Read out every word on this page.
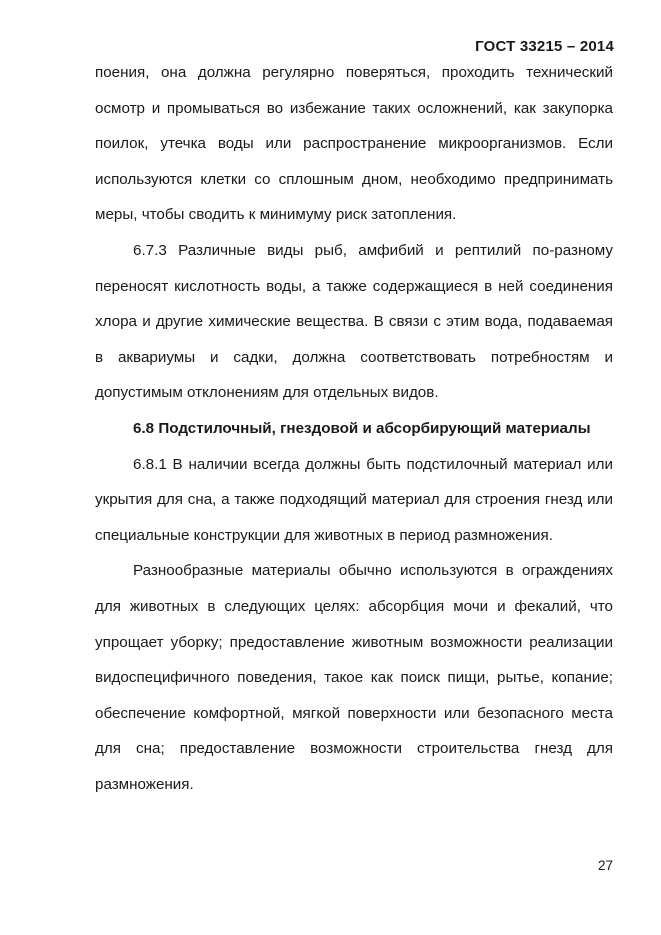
ГОСТ 33215 – 2014

поения, она должна регулярно поверяться, проходить технический осмотр и промываться во избежание таких осложнений, как закупорка поилок, утечка воды или распространение микроорганизмов. Если используются клетки со сплошным дном, необходимо предпринимать меры, чтобы сводить к минимуму риск затопления.

6.7.3 Различные виды рыб, амфибий и рептилий по-разному переносят кислотность воды, а также содержащиеся в ней соединения хлора и другие химические вещества. В связи с этим вода, подаваемая в аквариумы и садки, должна соответствовать потребностям и допустимым отклонениям для отдельных видов.

6.8 Подстилочный, гнездовой и абсорбирующий материалы

6.8.1 В наличии всегда должны быть подстилочный материал или укрытия для сна, а также подходящий материал для строения гнезд или специальные конструкции для животных в период размножения.

Разнообразные материалы обычно используются в ограждениях для животных в следующих целях: абсорбция мочи и фекалий, что упрощает уборку; предоставление животным возможности реализации видоспецифичного поведения, такое как поиск пищи, рытье, копание; обеспечение комфортной, мягкой поверхности или безопасного места для сна; предоставление возможности строительства гнезд для размножения.

27
